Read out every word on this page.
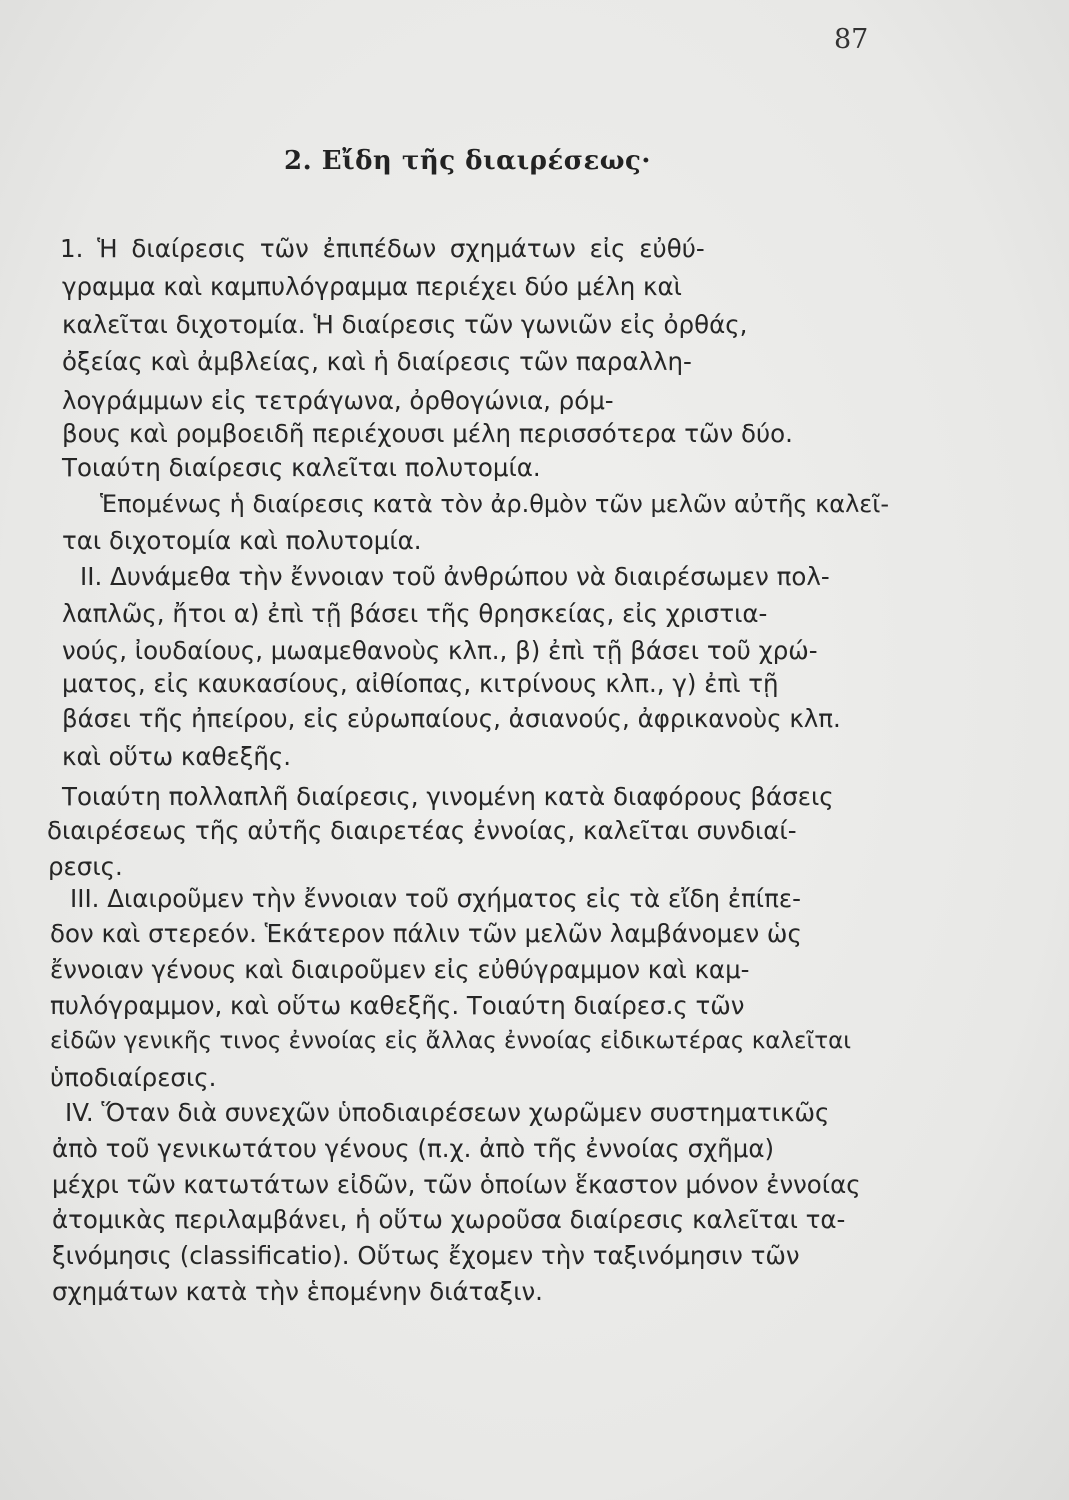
87
2. Εἴδη τῆς διαιρέσεως·
1. Ἡ διαίρεσις τῶν ἐπιπέδων σχημάτων εἰς εὐθύ-
γραμμα καὶ καμπυλόγραμμα περιέχει δύο μέλη καὶ
καλεῖται διχοτομία. Ἡ διαίρεσις τῶν γωνιῶν εἰς ὀρθάς,
ὀξείας καὶ ἀμβλείας, καὶ ἡ διαίρεσις τῶν παραλλη-
λογράμμων εἰς τετράγωνα, ὀρθογώνια, ρόμ-
βους καὶ ρομβοειδῆ περιέχουσι μέλη περισσότερα τῶν δύο.
Τοιαύτη διαίρεσις καλεῖται πολυτομία.
Ἑπομένως ἡ διαίρεσις κατὰ τὸν ἀρ.θμὸν τῶν μελῶν αὐτῆς καλεῖ-
ται διχοτομία καὶ πολυτομία.
II. Δυνάμεθα τὴν ἔννοιαν τοῦ ἀνθρώπου νὰ διαιρέσωμεν πολ-
λαπλῶς, ἤτοι α) ἐπὶ τῇ βάσει τῆς θρησκείας, εἰς χριστια-
νούς, ἰουδαίους, μωαμεθανοὺς κλπ., β) ἐπὶ τῇ βάσει τοῦ χρώ-
ματος, εἰς καυκασίους, αἰθίοπας, κιτρίνους κλπ., γ) ἐπὶ τῇ
βάσει τῆς ἠπείρου, εἰς εὐρωπαίους, ἀσιανούς, ἀφρικανοὺς κλπ.
καὶ οὕτω καθεξῆς.
Τοιαύτη πολλαπλῆ διαίρεσις, γινομένη κατὰ διαφόρους βάσεις
διαιρέσεως τῆς αὐτῆς διαιρετέας ἐννοίας, καλεῖται συνδιαί-
ρεσις.
III. Διαιροῦμεν τὴν ἔννοιαν τοῦ σχήματος εἰς τὰ εἴδη ἐπίπε-
δον καὶ στερεόν. Ἑκάτερον πάλιν τῶν μελῶν λαμβάνομεν ὡς
ἔννοιαν γένους καὶ διαιροῦμεν εἰς εὐθύγραμμον καὶ καμ-
πυλόγραμμον, καὶ οὕτω καθεξῆς. Τοιαύτη διαίρεσ.ς τῶν
εἰδῶν γενικῆς τινος ἐννοίας εἰς ἄλλας ἐννοίας εἰδικωτέρας καλεῖται
ὑποδιαίρεσις.
IV. Ὅταν διὰ συνεχῶν ὑποδιαιρέσεων χωρῶμεν συστηματικῶς
ἀπὸ τοῦ γενικωτάτου γένους (π.χ. ἀπὸ τῆς ἐννοίας σχῆμα)
μέχρι τῶν κατωτάτων εἰδῶν, τῶν ὁποίων ἕκαστον μόνον ἐννοίας
ἀτομικὰς περιλαμβάνει, ἡ οὕτω χωροῦσα διαίρεσις καλεῖται τα-
ξινόμησις (classificatio). Οὕτως ἔχομεν τὴν ταξινόμησιν τῶν
σχημάτων κατὰ τὴν ἑπομένην διάταξιν.
